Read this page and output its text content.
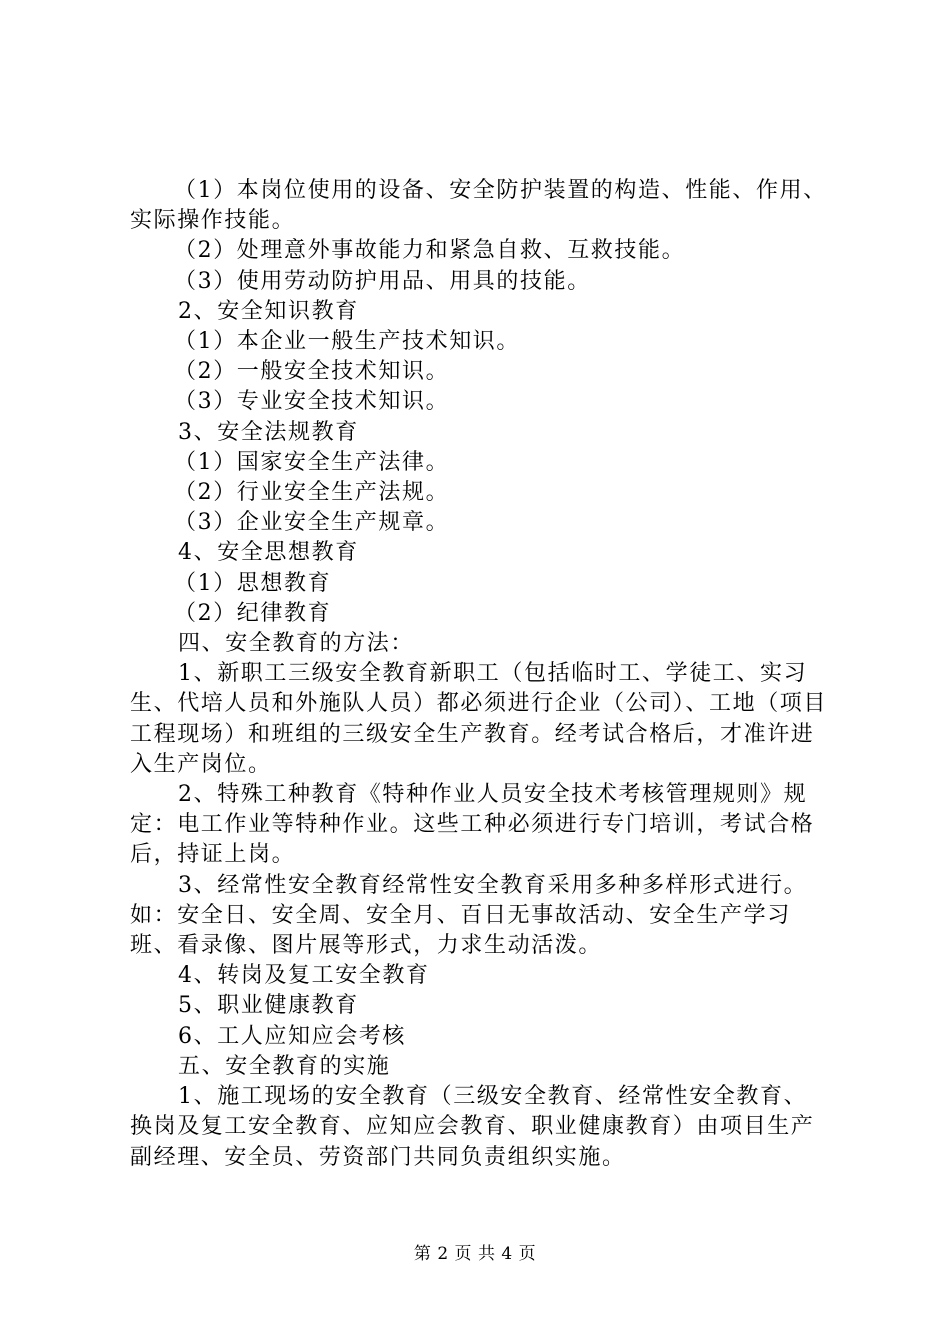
（1）本岗位使用的设备、安全防护装置的构造、性能、作用、实际操作技能。

（2）处理意外事故能力和紧急自救、互救技能。

（3）使用劳动防护用品、用具的技能。

2、安全知识教育

（1）本企业一般生产技术知识。

（2）一般安全技术知识。

（3）专业安全技术知识。

3、安全法规教育

（1）国家安全生产法律。

（2）行业安全生产法规。

（3）企业安全生产规章。

4、安全思想教育

（1）思想教育

（2）纪律教育

四、安全教育的方法：

1、新职工三级安全教育新职工（包括临时工、学徒工、实习生、代培人员和外施队人员）都必须进行企业（公司）、工地（项目工程现场）和班组的三级安全生产教育。经考试合格后，才准许进入生产岗位。

2、特殊工种教育《特种作业人员安全技术考核管理规则》规定：电工作业等特种作业。这些工种必须进行专门培训，考试合格后，持证上岗。

3、经常性安全教育经常性安全教育采用多种多样形式进行。如：安全日、安全周、安全月、百日无事故活动、安全生产学习班、看录像、图片展等形式，力求生动活泼。

4、转岗及复工安全教育

5、职业健康教育

6、工人应知应会考核

五、安全教育的实施

1、施工现场的安全教育（三级安全教育、经常性安全教育、换岗及复工安全教育、应知应会教育、职业健康教育）由项目生产副经理、安全员、劳资部门共同负责组织实施。

第 2 页 共 4 页
